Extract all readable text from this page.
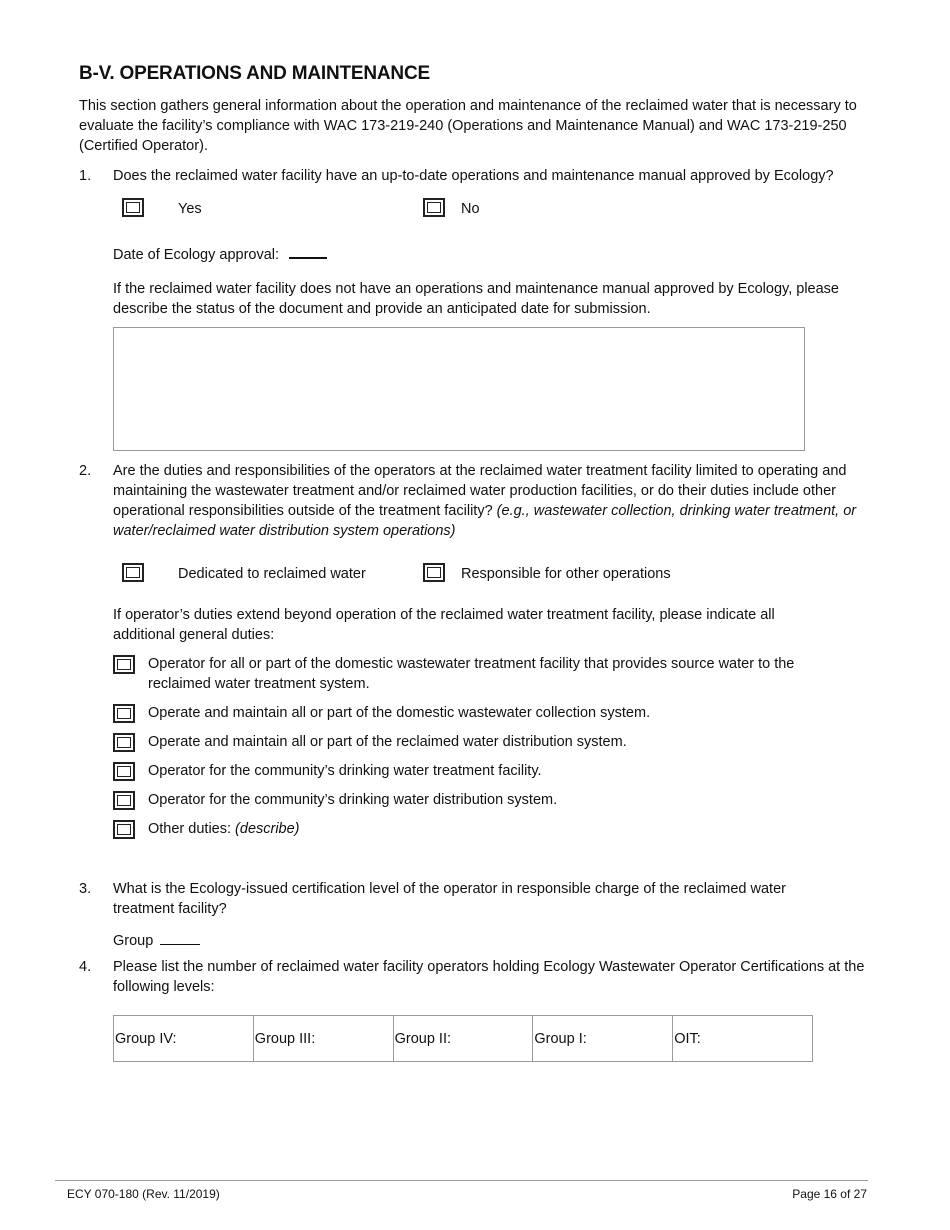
B-V. OPERATIONS AND MAINTENANCE
This section gathers general information about the operation and maintenance of the reclaimed water that is necessary to evaluate the facility’s compliance with WAC 173-219-240 (Operations and Maintenance Manual) and WAC 173-219-250 (Certified Operator).
1. Does the reclaimed water facility have an up-to-date operations and maintenance manual approved by Ecology?
Yes	No
Date of Ecology approval:
If the reclaimed water facility does not have an operations and maintenance manual approved by Ecology, please describe the status of the document and provide an anticipated date for submission.
2. Are the duties and responsibilities of the operators at the reclaimed water treatment facility limited to operating and maintaining the wastewater treatment and/or reclaimed water production facilities, or do their duties include other operational responsibilities outside of the treatment facility? (e.g., wastewater collection, drinking water treatment, or water/reclaimed water distribution system operations)
Dedicated to reclaimed water	Responsible for other operations
If operator’s duties extend beyond operation of the reclaimed water treatment facility, please indicate all additional general duties:
Operator for all or part of the domestic wastewater treatment facility that provides source water to the reclaimed water treatment system.
Operate and maintain all or part of the domestic wastewater collection system.
Operate and maintain all or part of the reclaimed water distribution system.
Operator for the community’s drinking water treatment facility.
Operator for the community’s drinking water distribution system.
Other duties: (describe)
3. What is the Ecology-issued certification level of the operator in responsible charge of the reclaimed water treatment facility?
Group
4. Please list the number of reclaimed water facility operators holding Ecology Wastewater Operator Certifications at the following levels:
Group IV:	Group III:	Group II:	Group I:	OIT:
ECY 070-180 (Rev. 11/2019)	Page 16 of 27
